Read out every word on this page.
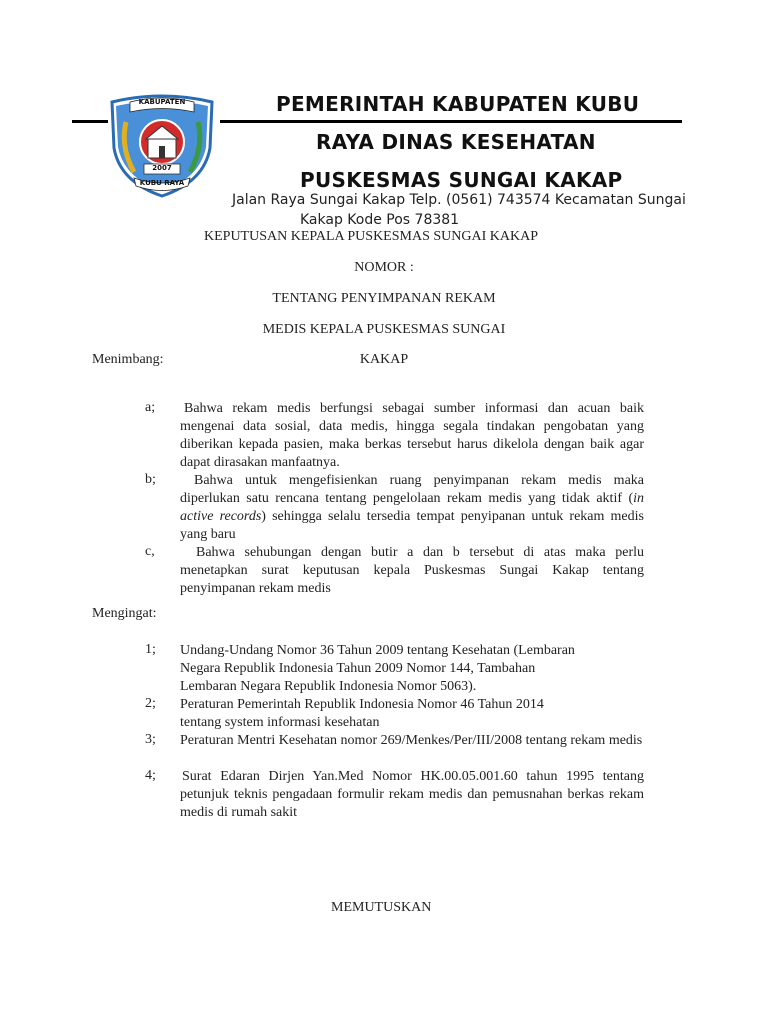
KABUPATEN
2007
KUBU RAYA
PEMERINTAH KABUPATEN KUBU
RAYA DINAS KESEHATAN
PUSKESMAS SUNGAI KAKAP
Jalan Raya Sungai Kakap Telp. (0561) 743574 Kecamatan Sungai
Kakap Kode Pos 78381
KEPUTUSAN KEPALA PUSKESMAS SUNGAI KAKAP
NOMOR :
TENTANG PENYIMPANAN REKAM
MEDIS KEPALA PUSKESMAS SUNGAI
Menimbang:	KAKAP
a; Bahwa rekam medis berfungsi sebagai sumber informasi dan acuan baik mengenai data sosial, data medis, hingga segala tindakan pengobatan yang diberikan kepada pasien, maka berkas tersebut harus dikelola dengan baik agar dapat dirasakan manfaatnya.
b;	Bahwa untuk mengefisienkan ruang penyimpanan rekam medis maka diperlukan satu rencana tentang pengelolaan rekam medis yang tidak aktif (in active records) sehingga selalu tersedia tempat penyipanan untuk rekam medis yang baru
c,	Bahwa sehubungan dengan butir a dan b tersebut di atas maka perlu menetapkan surat keputusan kepala Puskesmas Sungai Kakap tentang penyimpanan rekam medis
Mengingat:
1; Undang-Undang Nomor 36 Tahun 2009 tentang Kesehatan (Lembaran
Negara Republik Indonesia Tahun 2009 Nomor 144, Tambahan
Lembaran Negara Republik Indonesia Nomor 5063).
2; Peraturan Pemerintah Republik Indonesia Nomor 46 Tahun 2014
tentang system informasi kesehatan
3; Peraturan Mentri Kesehatan nomor 269/Menkes/Per/III/2008 tentang rekam medis
4; Surat Edaran Dirjen Yan.Med Nomor HK.00.05.001.60 tahun 1995 tentang petunjuk teknis pengadaan formulir rekam medis dan pemusnahan berkas rekam medis di rumah sakit
MEMUTUSKAN
